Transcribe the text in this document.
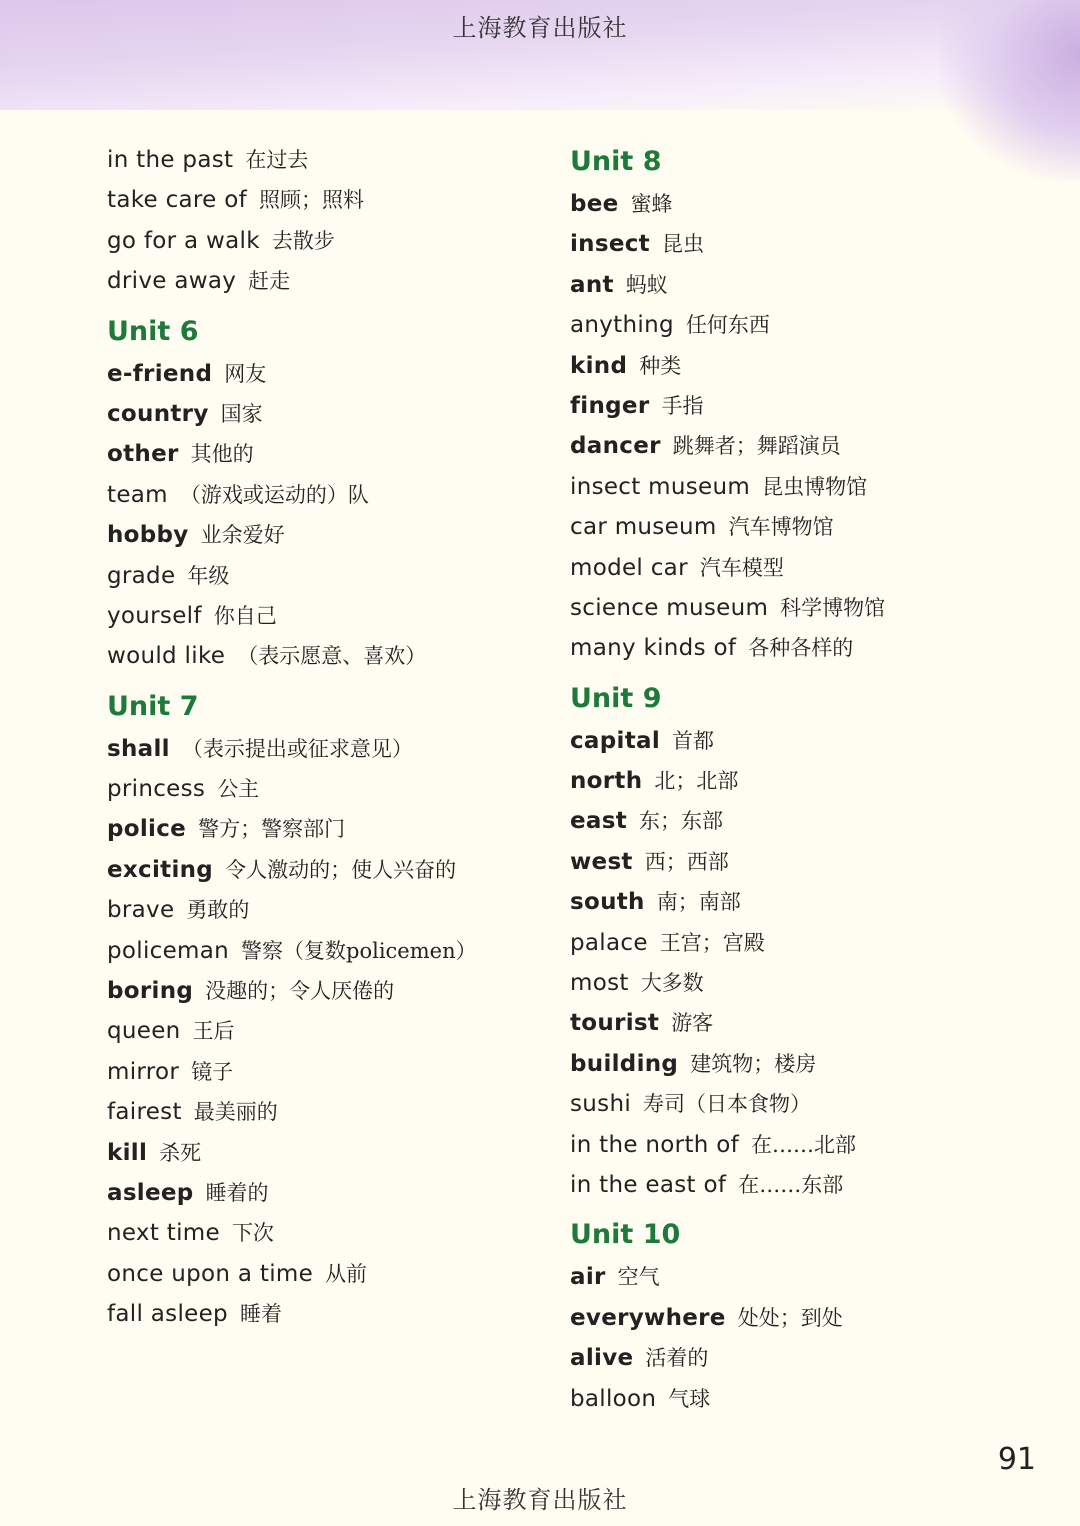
上海教育出版社
in the past 在过去
take care of 照顾；照料
go for a walk 去散步
drive away 赶走
Unit 6
e-friend 网友
country 国家
other 其他的
team （游戏或运动的）队
hobby 业余爱好
grade 年级
yourself 你自己
would like （表示愿意、喜欢）
Unit 7
shall （表示提出或征求意见）
princess 公主
police 警方；警察部门
exciting 令人激动的；使人兴奋的
brave 勇敢的
policeman 警察（复数policemen）
boring 没趣的；令人厌倦的
queen 王后
mirror 镜子
fairest 最美丽的
kill 杀死
asleep 睡着的
next time 下次
once upon a time 从前
fall asleep 睡着
Unit 8
bee 蜜蜂
insect 昆虫
ant 蚂蚁
anything 任何东西
kind 种类
finger 手指
dancer 跳舞者；舞蹈演员
insect museum 昆虫博物馆
car museum 汽车博物馆
model car 汽车模型
science museum 科学博物馆
many kinds of 各种各样的
Unit 9
capital 首都
north 北；北部
east 东；东部
west 西；西部
south 南；南部
palace 王宫；宫殿
most 大多数
tourist 游客
building 建筑物；楼房
sushi 寿司（日本食物）
in the north of 在……北部
in the east of 在……东部
Unit 10
air 空气
everywhere 处处；到处
alive 活着的
balloon 气球
91
上海教育出版社
